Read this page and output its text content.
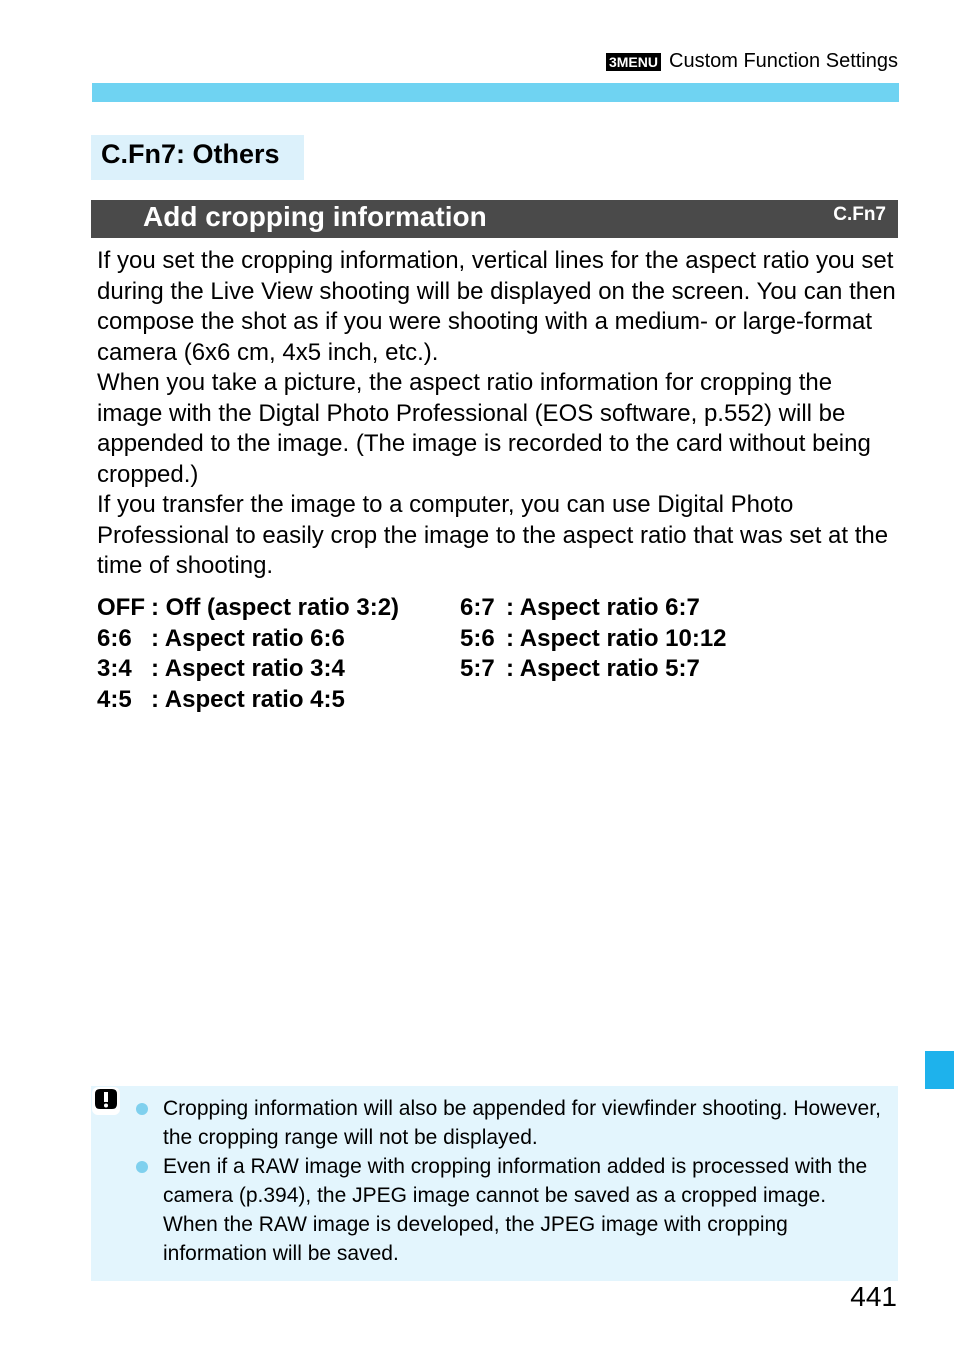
3MENU Custom Function Settings
C.Fn7: Others
Add cropping information	C.Fn7

If you set the cropping information, vertical lines for the aspect ratio you set during the Live View shooting will be displayed on the screen. You can then compose the shot as if you were shooting with a medium- or large-format camera (6x6 cm, 4x5 inch, etc.).

When you take a picture, the aspect ratio information for cropping the image with the Digtal Photo Professional (EOS software, p.552) will be appended to the image. (The image is recorded to the card without being cropped.)

If you transfer the image to a computer, you can use Digital Photo Professional to easily crop the image to the aspect ratio that was set at the time of shooting.

OFF : Off (aspect ratio 3:2)
6:6 : Aspect ratio 6:6
3:4 : Aspect ratio 3:4
4:5 : Aspect ratio 4:5
6:7 : Aspect ratio 6:7
5:6 : Aspect ratio 10:12
5:7 : Aspect ratio 5:7
Cropping information will also be appended for viewfinder shooting. However, the cropping range will not be displayed.
Even if a RAW image with cropping information added is processed with the camera (p.394), the JPEG image cannot be saved as a cropped image. When the RAW image is developed, the JPEG image with cropping information will be saved.
441
